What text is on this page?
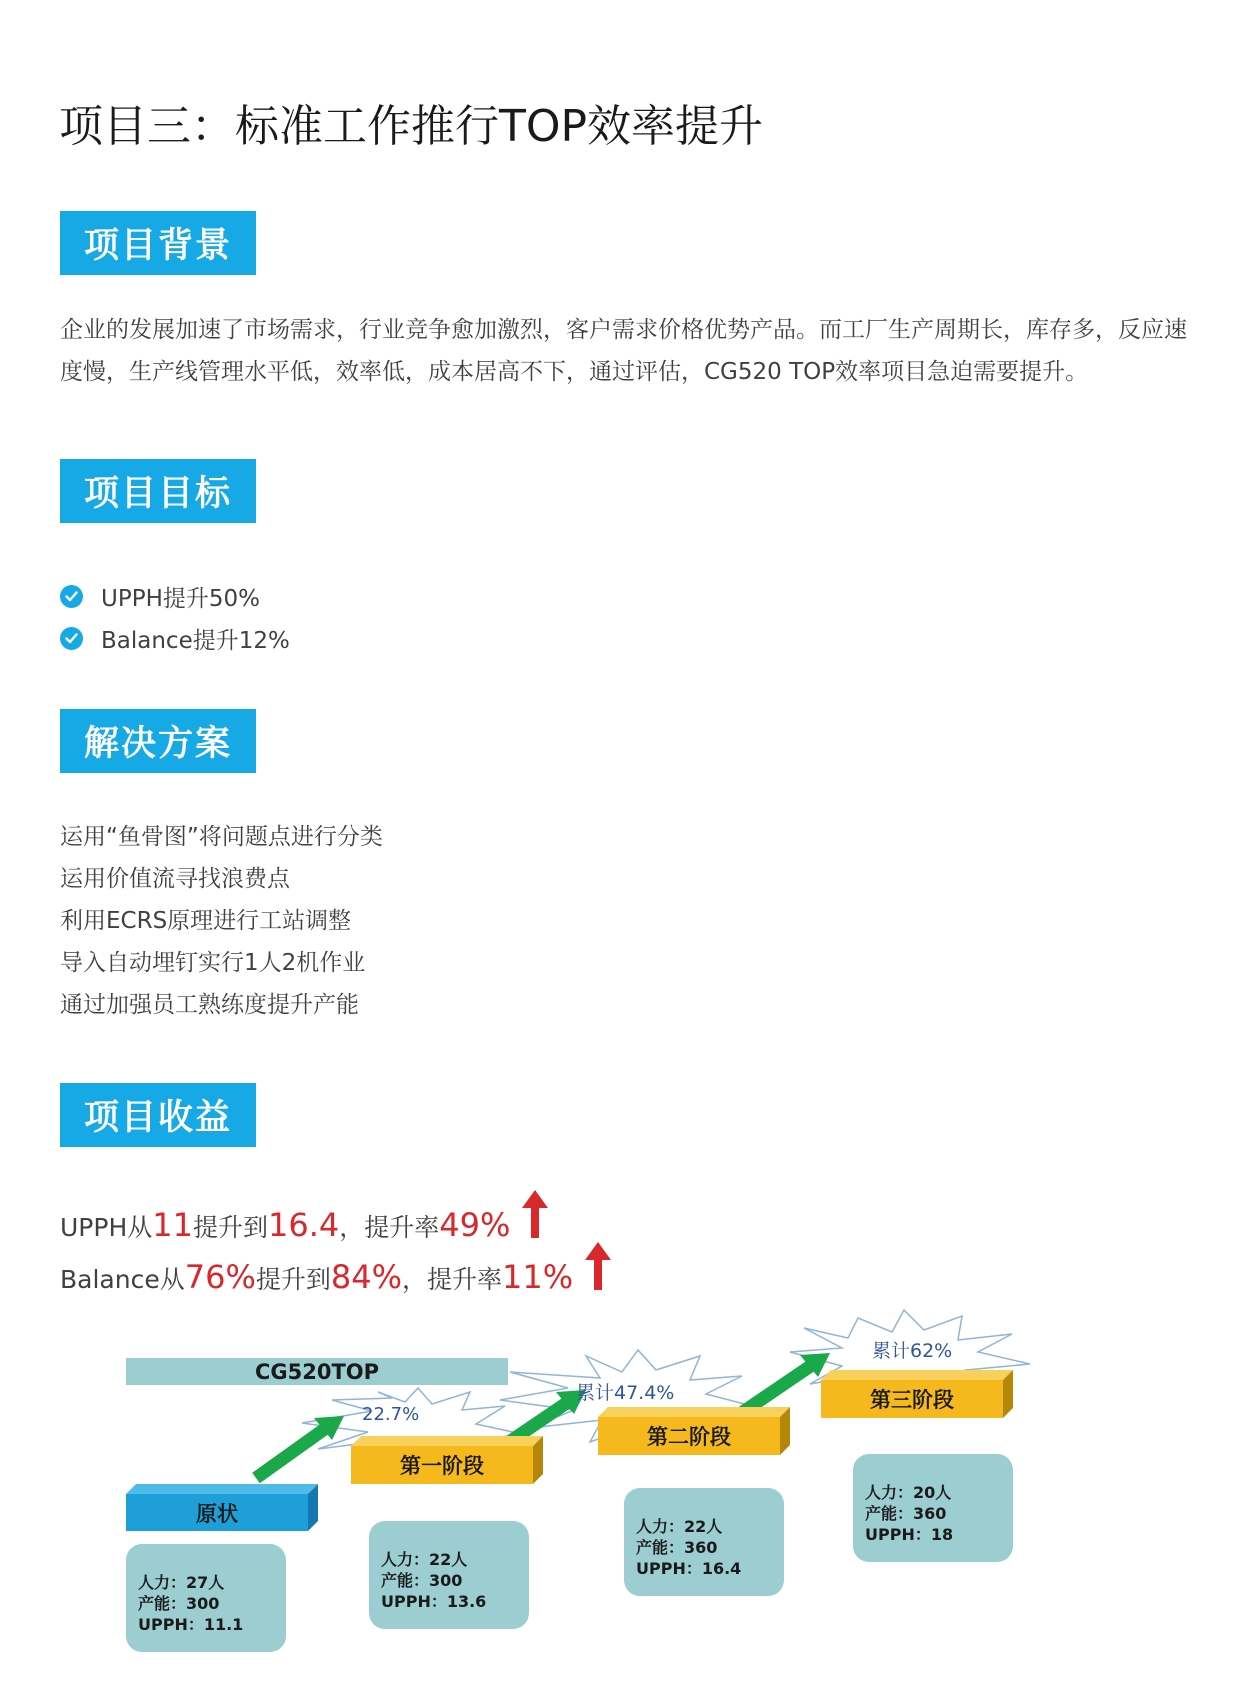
项目三：标准工作推行TOP效率提升
项目背景

企业的发展加速了市场需求，行业竞争愈加激烈，客户需求价格优势产品。而工厂生产周期长，库存多，反应速度慢，生产线管理水平低，效率低，成本居高不下，通过评估，CG520 TOP效率项目急迫需要提升。

项目目标
UPPH提升50%
Balance提升12%
解决方案
运用“鱼骨图”将问题点进行分类
运用价值流寻找浪费点
利用ECRS原理进行工站调整
导入自动埋钉实行1人2机作业
通过加强员工熟练度提升产能
项目收益
UPPH从 11 提升到 16.4 ，提升率 49%
Balance从 76% 提升到 84% ，提升率 11%
CG520TOP
22.7%
累计47.4%
累计62%
原状
第一阶段
第二阶段
第三阶段
人力：27人
产能：300
UPPH：11.1
人力：22人
产能：300
UPPH：13.6
人力：22人
产能：360
UPPH：16.4
人力：20人
产能：360
UPPH：18
